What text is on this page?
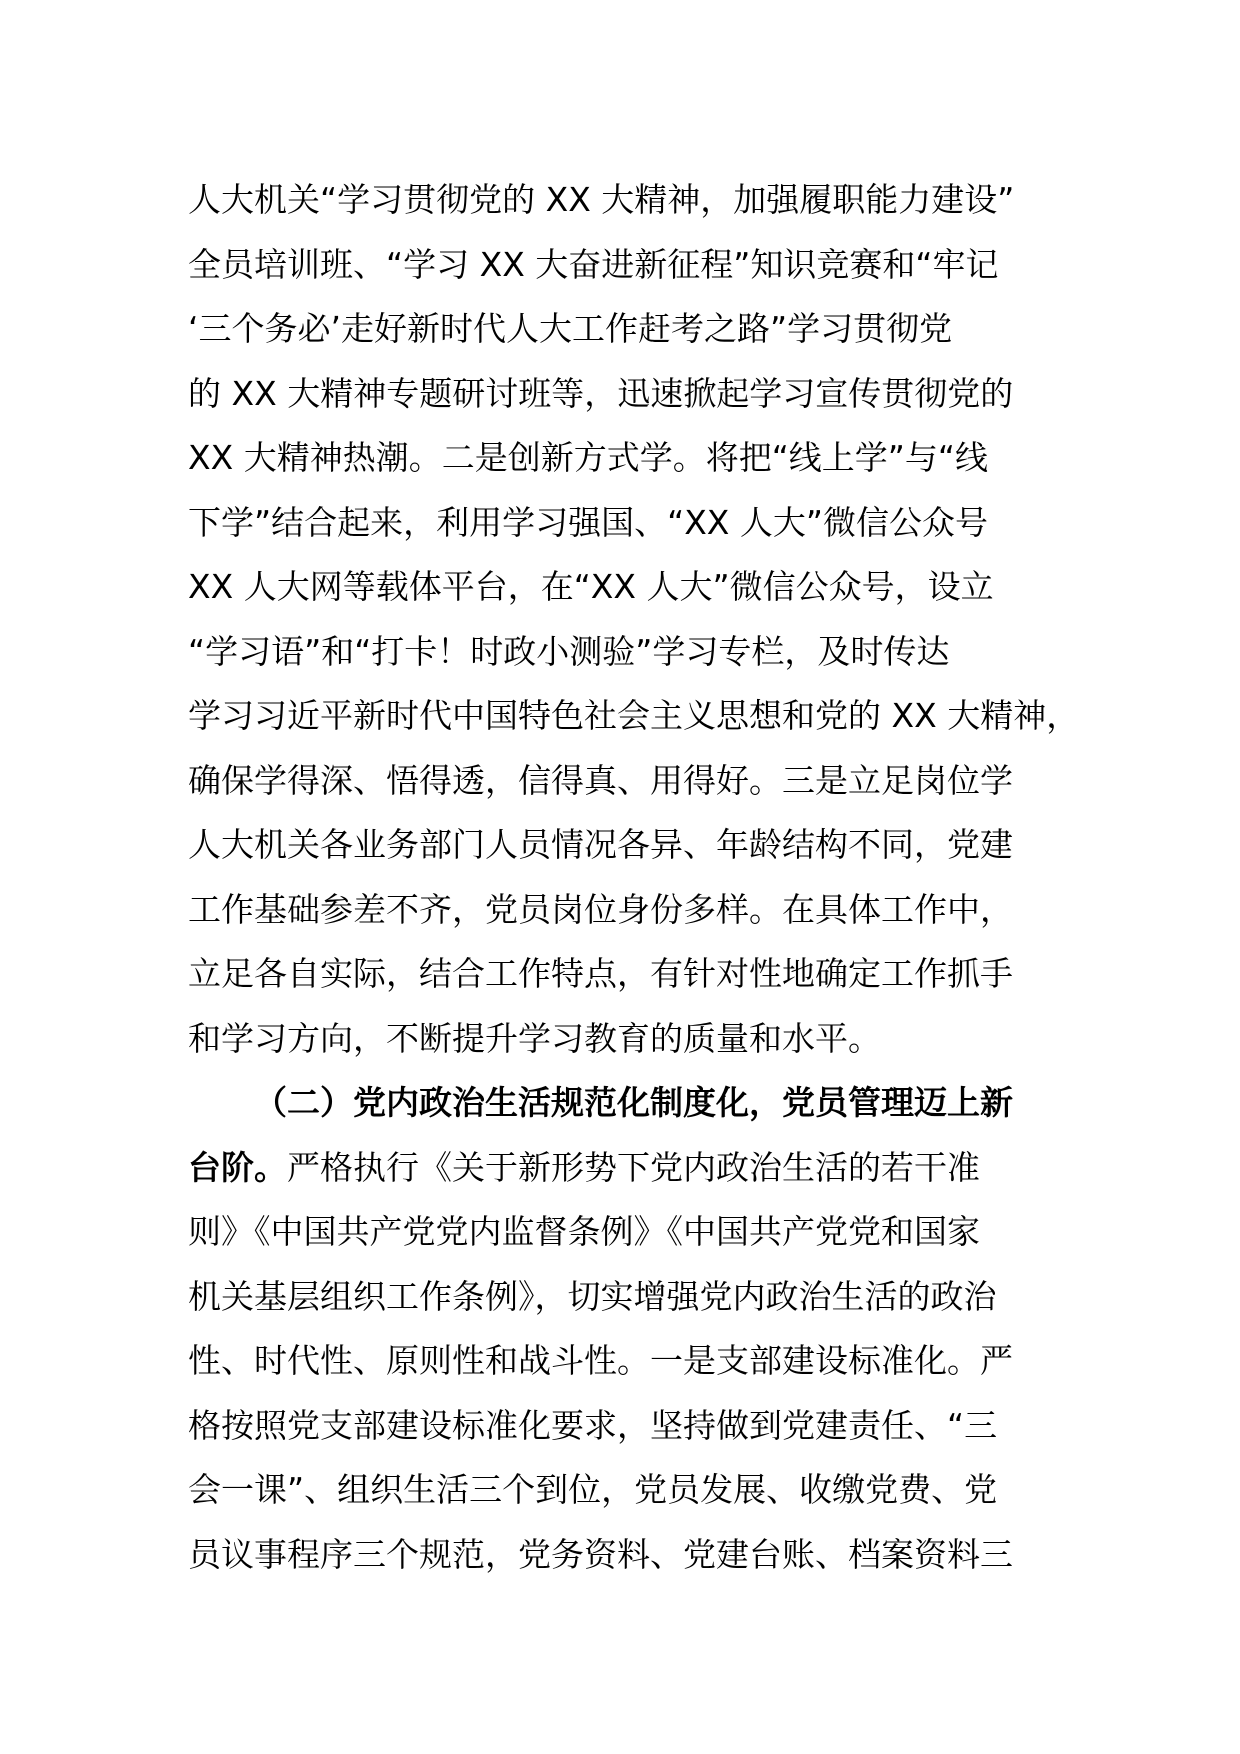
人大机关“学习贯彻党的 XX 大精神，加强履职能力建设”
全员培训班、“学习 XX 大奋进新征程”知识竞赛和“牢记
‘三个务必’走好新时代人大工作赶考之路”学习贯彻党
的 XX 大精神专题研讨班等，迅速掀起学习宣传贯彻党的
XX 大精神热潮。二是创新方式学。将把“线上学”与“线
下学”结合起来，利用学习强国、“XX 人大”微信公众号
XX 人大网等载体平台，在“XX 人大”微信公众号，设立
“学习语”和“打卡！时政小测验”学习专栏，及时传达
学习习近平新时代中国特色社会主义思想和党的 XX 大精神，
确保学得深、悟得透，信得真、用得好。三是立足岗位学
人大机关各业务部门人员情况各异、年龄结构不同，党建
工作基础参差不齐，党员岗位身份多样。在具体工作中，
立足各自实际，结合工作特点，有针对性地确定工作抓手
和学习方向，不断提升学习教育的质量和水平。
（二）党内政治生活规范化制度化，党员管理迈上新
台阶。严格执行《关于新形势下党内政治生活的若干准
则》《中国共产党党内监督条例》《中国共产党党和国家
机关基层组织工作条例》，切实增强党内政治生活的政治
性、时代性、原则性和战斗性。一是支部建设标准化。严
格按照党支部建设标准化要求，坚持做到党建责任、“三
会一课”、组织生活三个到位，党员发展、收缴党费、党
员议事程序三个规范，党务资料、党建台账、档案资料三
